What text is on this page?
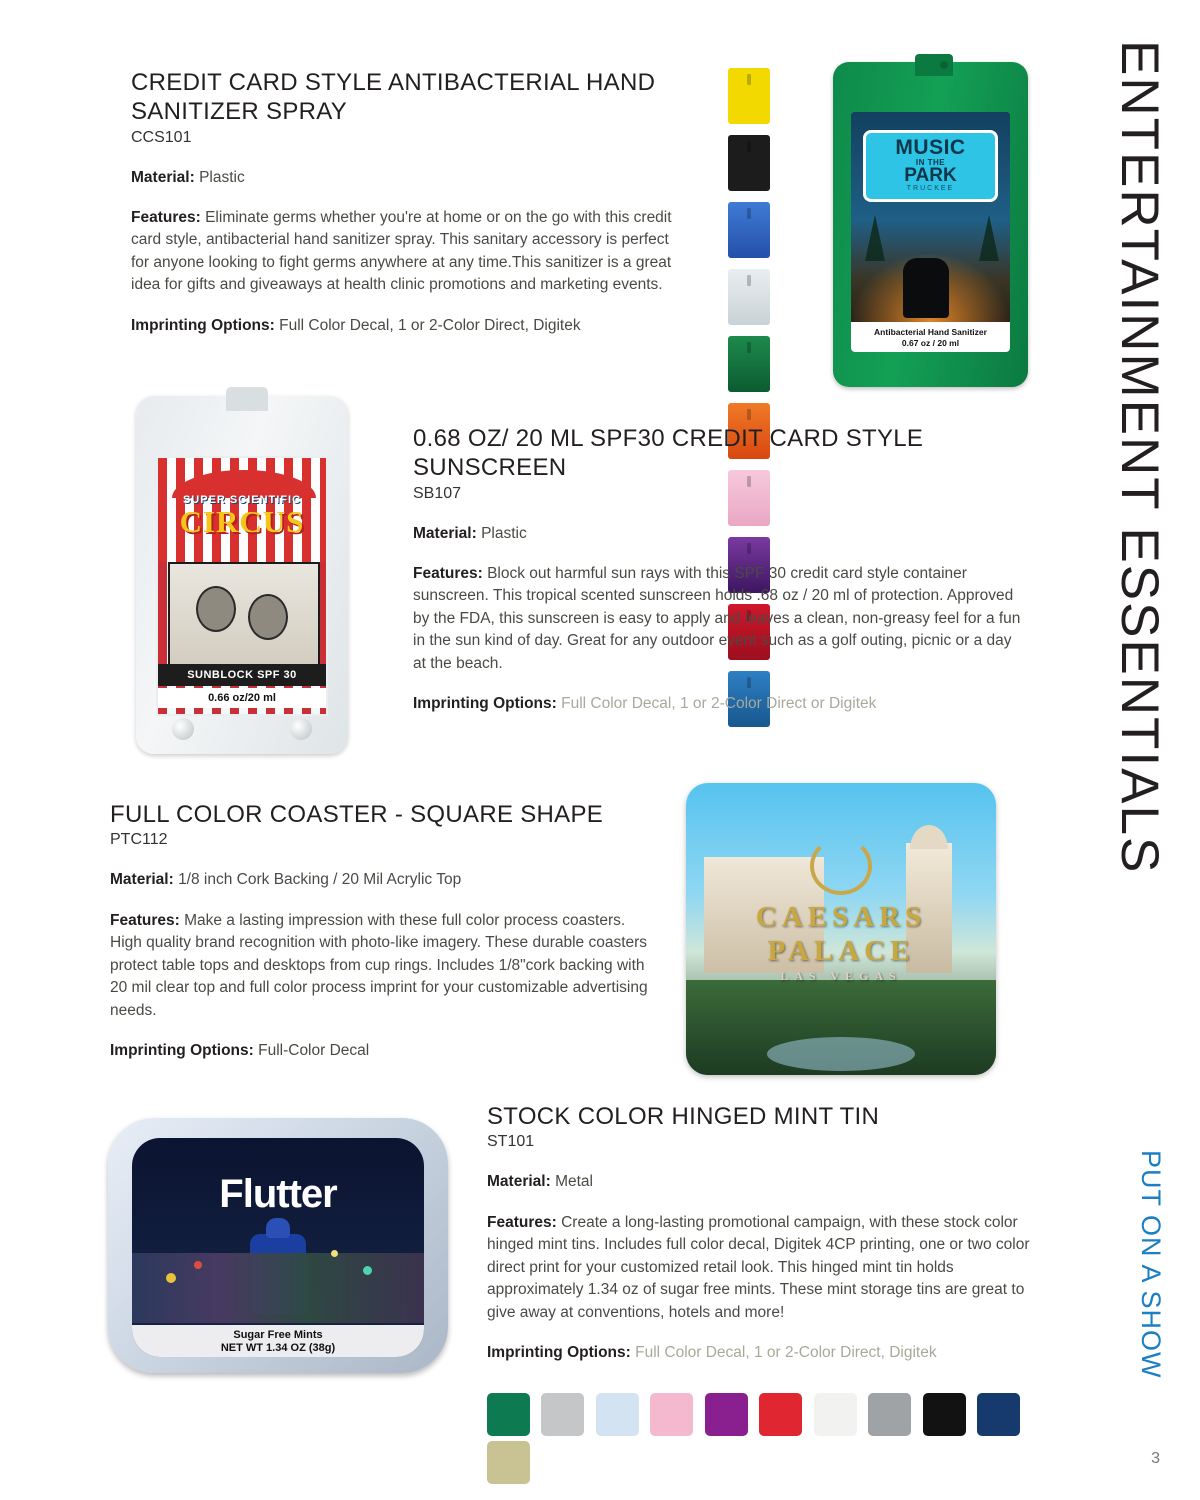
ENTERTAINMENT ESSENTIALS
PUT ON A SHOW
3
CREDIT CARD STYLE ANTIBACTERIAL HAND SANITIZER SPRAY
CCS101

Material: Plastic

Features: Eliminate germs whether you're at home or on the go with this credit card style, antibacterial hand sanitizer spray. This sanitary accessory is perfect for anyone looking to fight germs anywhere at any time.This sanitizer is a great idea for gifts and giveaways at health clinic promotions and marketing events.

Imprinting Options: Full Color Decal, 1 or 2-Color Direct, Digitek

MUSIC
IN THE
PARK
TRUCKEE
Antibacterial Hand Sanitizer
0.67 oz / 20 ml
SUPER SCIENTIFIC
CIRCUS
SUNBLOCK SPF 30
0.66 oz/20 ml
0.68 OZ/ 20 ML SPF30 CREDIT CARD STYLE SUNSCREEN
SB107

Material: Plastic

Features: Block out harmful sun rays with this SPF 30 credit card style container sunscreen. This tropical scented sunscreen holds .68 oz / 20 ml of protection. Approved by the FDA, this sunscreen is easy to apply and leaves a clean, non-greasy feel for a fun in the sun kind of day. Great for any outdoor event such as a golf outing, picnic or a day at the beach.

Imprinting Options: Full Color Decal, 1 or 2-Color Direct or Digitek

FULL COLOR COASTER - SQUARE SHAPE
PTC112

Material: 1/8 inch Cork Backing / 20 Mil Acrylic Top

Features: Make a lasting impression with these full color process coasters. High quality brand recognition with photo-like imagery. These durable coasters protect table tops and desktops from cup rings. Includes 1/8"cork backing with 20 mil clear top and full color process imprint for your customizable advertising needs.

Imprinting Options: Full-Color Decal

CAESARS
PALACE
LAS VEGAS
Flutter
Sugar Free Mints
NET WT 1.34 OZ (38g)
STOCK COLOR HINGED MINT TIN
ST101

Material: Metal

Features: Create a long-lasting promotional campaign, with these stock color hinged mint tins. Includes full color decal, Digitek 4CP printing, one or two color direct print for your customized retail look. This hinged mint tin holds approximately 1.34 oz of sugar free mints. These mint storage tins are great to give away at conventions, hotels and more!

Imprinting Options: Full Color Decal, 1 or 2-Color Direct, Digitek
